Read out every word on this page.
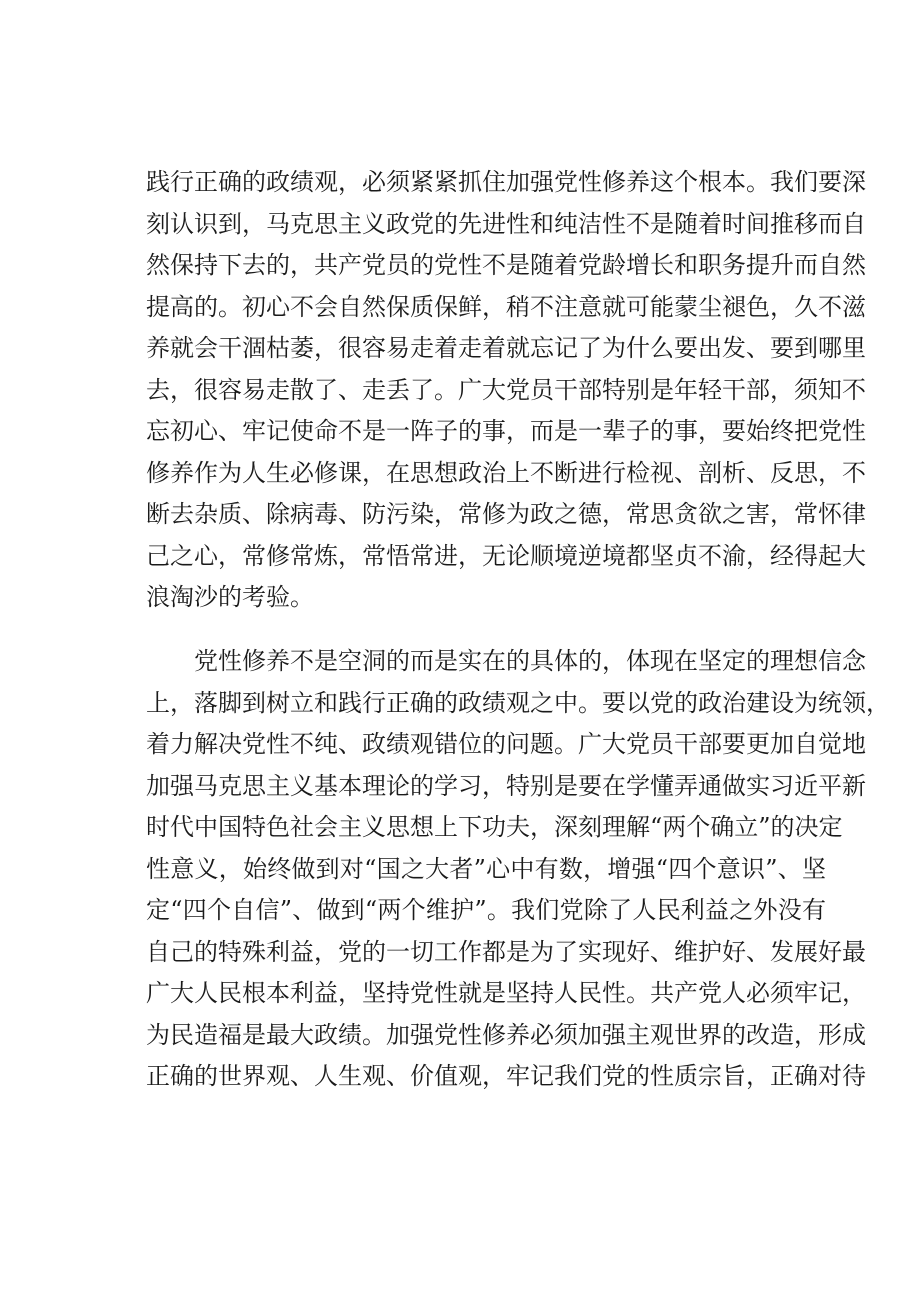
践行正确的政绩观，必须紧紧抓住加强党性修养这个根本。我们要深
刻认识到，马克思主义政党的先进性和纯洁性不是随着时间推移而自
然保持下去的，共产党员的党性不是随着党龄增长和职务提升而自然
提高的。初心不会自然保质保鲜，稍不注意就可能蒙尘褪色，久不滋
养就会干涸枯萎，很容易走着走着就忘记了为什么要出发、要到哪里
去，很容易走散了、走丢了。广大党员干部特别是年轻干部，须知不
忘初心、牢记使命不是一阵子的事，而是一辈子的事，要始终把党性
修养作为人生必修课，在思想政治上不断进行检视、剖析、反思，不
断去杂质、除病毒、防污染，常修为政之德，常思贪欲之害，常怀律
己之心，常修常炼，常悟常进，无论顺境逆境都坚贞不渝，经得起大
浪淘沙的考验。
党性修养不是空洞的而是实在的具体的，体现在坚定的理想信念
上，落脚到树立和践行正确的政绩观之中。要以党的政治建设为统领，
着力解决党性不纯、政绩观错位的问题。广大党员干部要更加自觉地
加强马克思主义基本理论的学习，特别是要在学懂弄通做实习近平新
时代中国特色社会主义思想上下功夫，深刻理解“两个确立”的决定
性意义，始终做到对“国之大者”心中有数，增强“四个意识”、坚
定“四个自信”、做到“两个维护”。我们党除了人民利益之外没有
自己的特殊利益，党的一切工作都是为了实现好、维护好、发展好最
广大人民根本利益，坚持党性就是坚持人民性。共产党人必须牢记，
为民造福是最大政绩。加强党性修养必须加强主观世界的改造，形成
正确的世界观、人生观、价值观，牢记我们党的性质宗旨，正确对待
